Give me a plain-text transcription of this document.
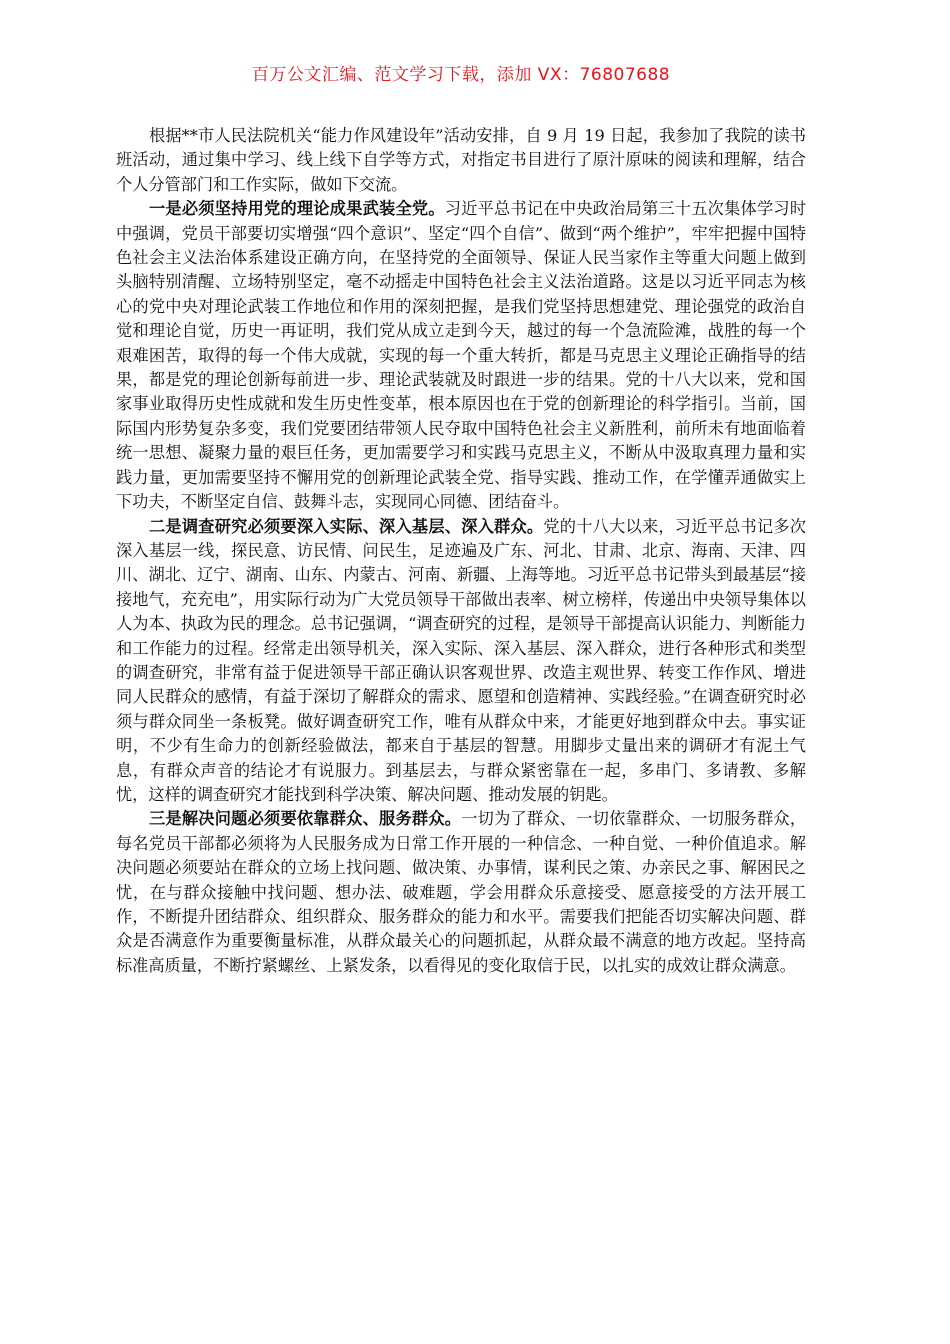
百万公文汇编、范文学习下载，添加 VX：76807688

根据**市人民法院机关“能力作风建设年”活动安排，自 9 月 19 日起，我参加了我院的读书班活动，通过集中学习、线上线下自学等方式，对指定书目进行了原汁原味的阅读和理解，结合个人分管部门和工作实际，做如下交流。

一是必须坚持用党的理论成果武装全党。习近平总书记在中央政治局第三十五次集体学习时中强调，党员干部要切实增强“四个意识”、坚定“四个自信”、做到“两个维护”，牢牢把握中国特色社会主义法治体系建设正确方向，在坚持党的全面领导、保证人民当家作主等重大问题上做到头脑特别清醒、立场特别坚定，毫不动摇走中国特色社会主义法治道路。这是以习近平同志为核心的党中央对理论武装工作地位和作用的深刻把握，是我们党坚持思想建党、理论强党的政治自觉和理论自觉，历史一再证明，我们党从成立走到今天，越过的每一个急流险滩，战胜的每一个艰难困苦，取得的每一个伟大成就，实现的每一个重大转折，都是马克思主义理论正确指导的结果，都是党的理论创新每前进一步、理论武装就及时跟进一步的结果。党的十八大以来，党和国家事业取得历史性成就和发生历史性变革，根本原因也在于党的创新理论的科学指引。当前，国际国内形势复杂多变，我们党要团结带领人民夺取中国特色社会主义新胜利，前所未有地面临着统一思想、凝聚力量的艰巨任务，更加需要学习和实践马克思主义，不断从中汲取真理力量和实践力量，更加需要坚持不懈用党的创新理论武装全党、指导实践、推动工作，在学懂弄通做实上下功夫，不断坚定自信、鼓舞斗志，实现同心同德、团结奋斗。

二是调查研究必须要深入实际、深入基层、深入群众。党的十八大以来，习近平总书记多次深入基层一线，探民意、访民情、问民生，足迹遍及广东、河北、甘肃、北京、海南、天津、四川、湖北、辽宁、湖南、山东、内蒙古、河南、新疆、上海等地。习近平总书记带头到最基层“接接地气，充充电”，用实际行动为广大党员领导干部做出表率、树立榜样，传递出中央领导集体以人为本、执政为民的理念。总书记强调，“调查研究的过程，是领导干部提高认识能力、判断能力和工作能力的过程。经常走出领导机关，深入实际、深入基层、深入群众，进行各种形式和类型的调查研究，非常有益于促进领导干部正确认识客观世界、改造主观世界、转变工作作风、增进同人民群众的感情，有益于深切了解群众的需求、愿望和创造精神、实践经验。”在调查研究时必须与群众同坐一条板凳。做好调查研究工作，唯有从群众中来，才能更好地到群众中去。事实证明，不少有生命力的创新经验做法，都来自于基层的智慧。用脚步丈量出来的调研才有泥土气息，有群众声音的结论才有说服力。到基层去，与群众紧密靠在一起，多串门、多请教、多解忧，这样的调查研究才能找到科学决策、解决问题、推动发展的钥匙。

三是解决问题必须要依靠群众、服务群众。一切为了群众、一切依靠群众、一切服务群众，每名党员干部都必须将为人民服务成为日常工作开展的一种信念、一种自觉、一种价值追求。解决问题必须要站在群众的立场上找问题、做决策、办事情，谋利民之策、办亲民之事、解困民之忧，在与群众接触中找问题、想办法、破难题，学会用群众乐意接受、愿意接受的方法开展工作，不断提升团结群众、组织群众、服务群众的能力和水平。需要我们把能否切实解决问题、群众是否满意作为重要衡量标准，从群众最关心的问题抓起，从群众最不满意的地方改起。坚持高标准高质量，不断拧紧螺丝、上紧发条，以看得见的变化取信于民，以扎实的成效让群众满意。
